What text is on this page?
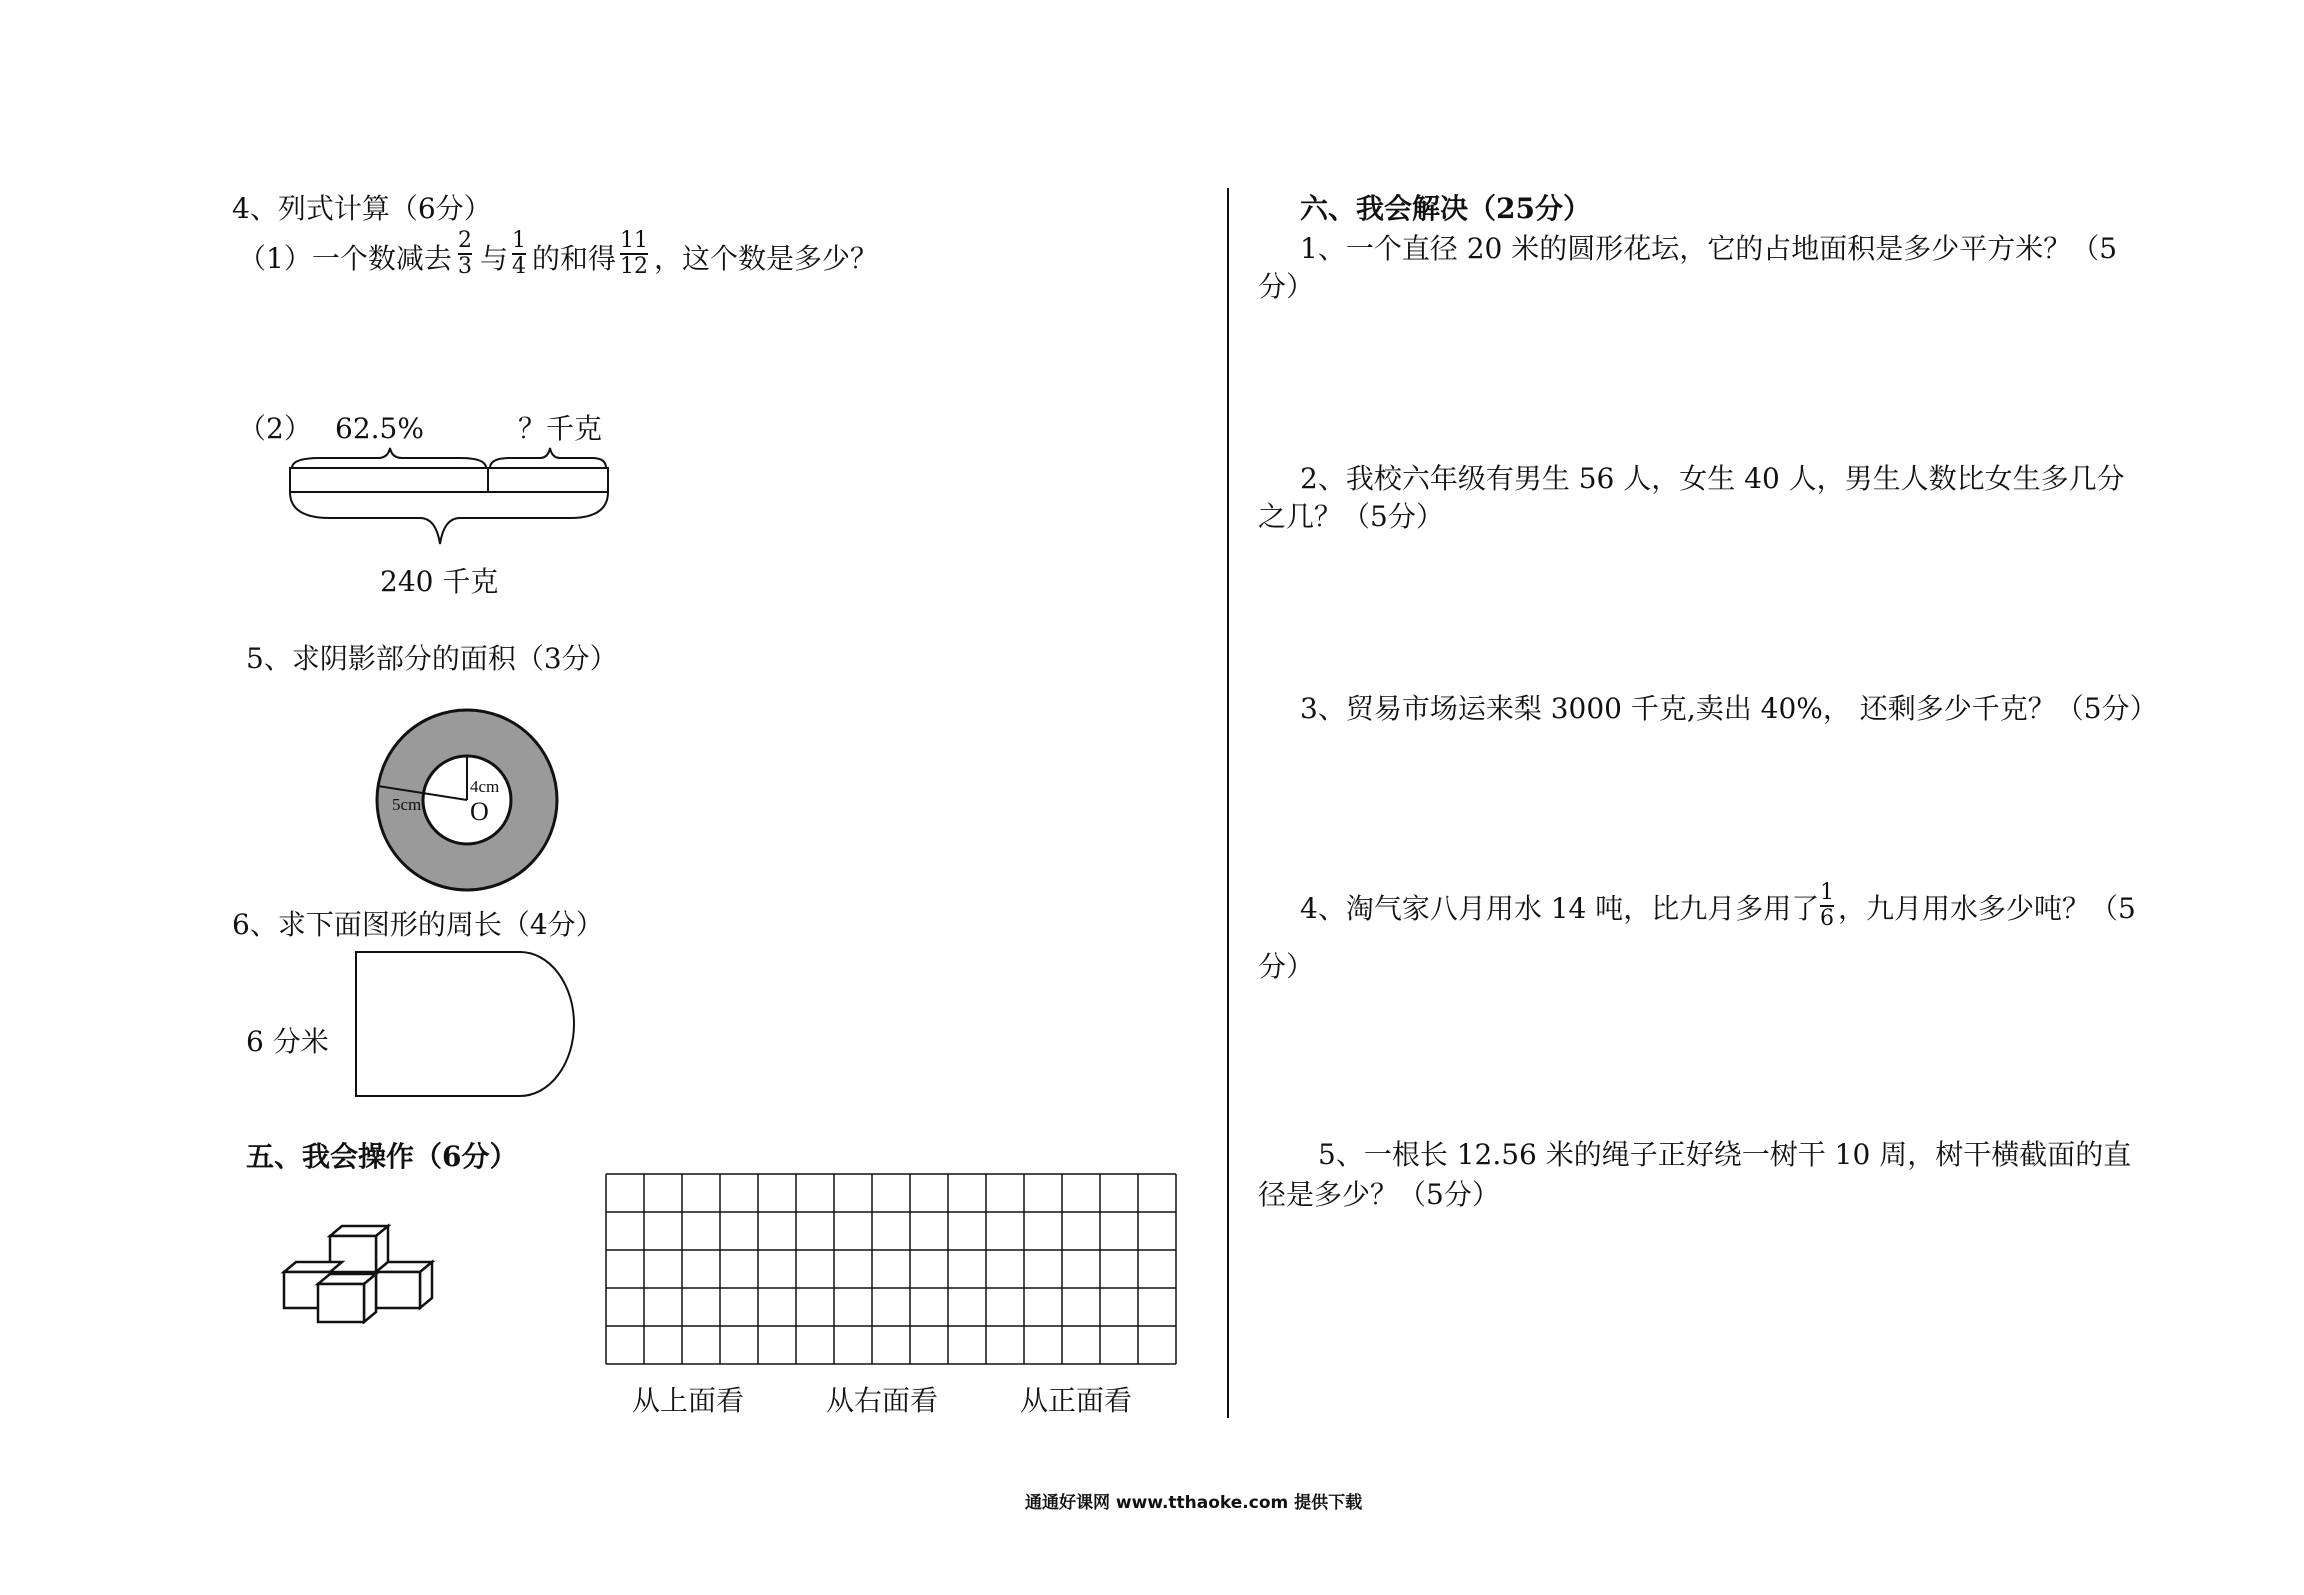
4、列式计算（6分）
（1）一个数减去
2
3 与
1
4 的和得
11
12 ，这个数是多少？
（2） 62.5%	？千克
240 千克
5、求阴影部分的面积（3分）
6、求下面图形的周长（4分）
6 分米
五、我会操作（6分）
从上面看	从右面看	从正面看
六、我会解决（25分）
1、一个直径 20 米的圆形花坛，它的占地面积是多少平方米？（5
分）
2、我校六年级有男生 56 人，女生 40 人，男生人数比女生多几分
之几？（5分）
3、贸易市场运来梨 3000 千克,卖出 40%， 还剩多少千克？（5分）
4、淘气家八月用水 14 吨，比九月多用了 1
6 ，九月用水多少吨？（5
分）
5、一根长 12.56 米的绳子正好绕一树干 10 周，树干横截面的直
径是多少？（5分）
通通好课网 www.tthaoke.com 提供下载
4cm
5cm O
